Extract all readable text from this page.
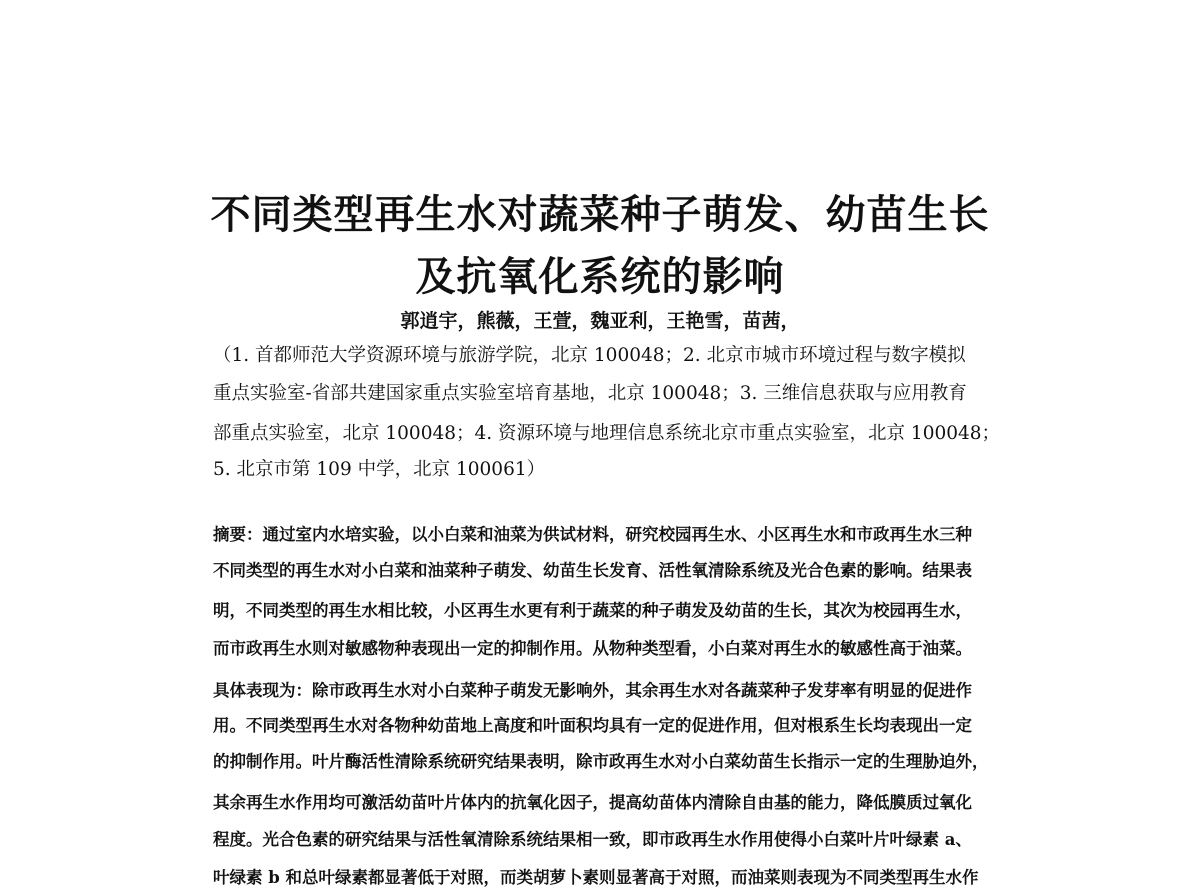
不同类型再生水对蔬菜种子萌发、幼苗生长
及抗氧化系统的影响
郭逍宇，熊薇，王萱，魏亚利，王艳雪，苗茜，
（1. 首都师范大学资源环境与旅游学院，北京 100048；2. 北京市城市环境过程与数字模拟
重点实验室-省部共建国家重点实验室培育基地，北京 100048；3. 三维信息获取与应用教育
部重点实验室，北京 100048；4. 资源环境与地理信息系统北京市重点实验室，北京 100048；
5. 北京市第 109 中学，北京 100061）
摘要：通过室内水培实验，以小白菜和油菜为供试材料，研究校园再生水、小区再生水和市政再生水三种
不同类型的再生水对小白菜和油菜种子萌发、幼苗生长发育、活性氧清除系统及光合色素的影响。结果表
明，不同类型的再生水相比较，小区再生水更有利于蔬菜的种子萌发及幼苗的生长，其次为校园再生水，
而市政再生水则对敏感物种表现出一定的抑制作用。从物种类型看，小白菜对再生水的敏感性高于油菜。
具体表现为：除市政再生水对小白菜种子萌发无影响外，其余再生水对各蔬菜种子发芽率有明显的促进作
用。不同类型再生水对各物种幼苗地上高度和叶面积均具有一定的促进作用，但对根系生长均表现出一定
的抑制作用。叶片酶活性清除系统研究结果表明，除市政再生水对小白菜幼苗生长指示一定的生理胁迫外，
其余再生水作用均可激活幼苗叶片体内的抗氧化因子，提高幼苗体内清除自由基的能力，降低膜质过氧化
程度。光合色素的研究结果与活性氧清除系统结果相一致，即市政再生水作用使得小白菜叶片叶绿素 a、
叶绿素 b 和总叶绿素都显著低于对照，而类胡萝卜素则显著高于对照，而油菜则表现为不同类型再生水作
